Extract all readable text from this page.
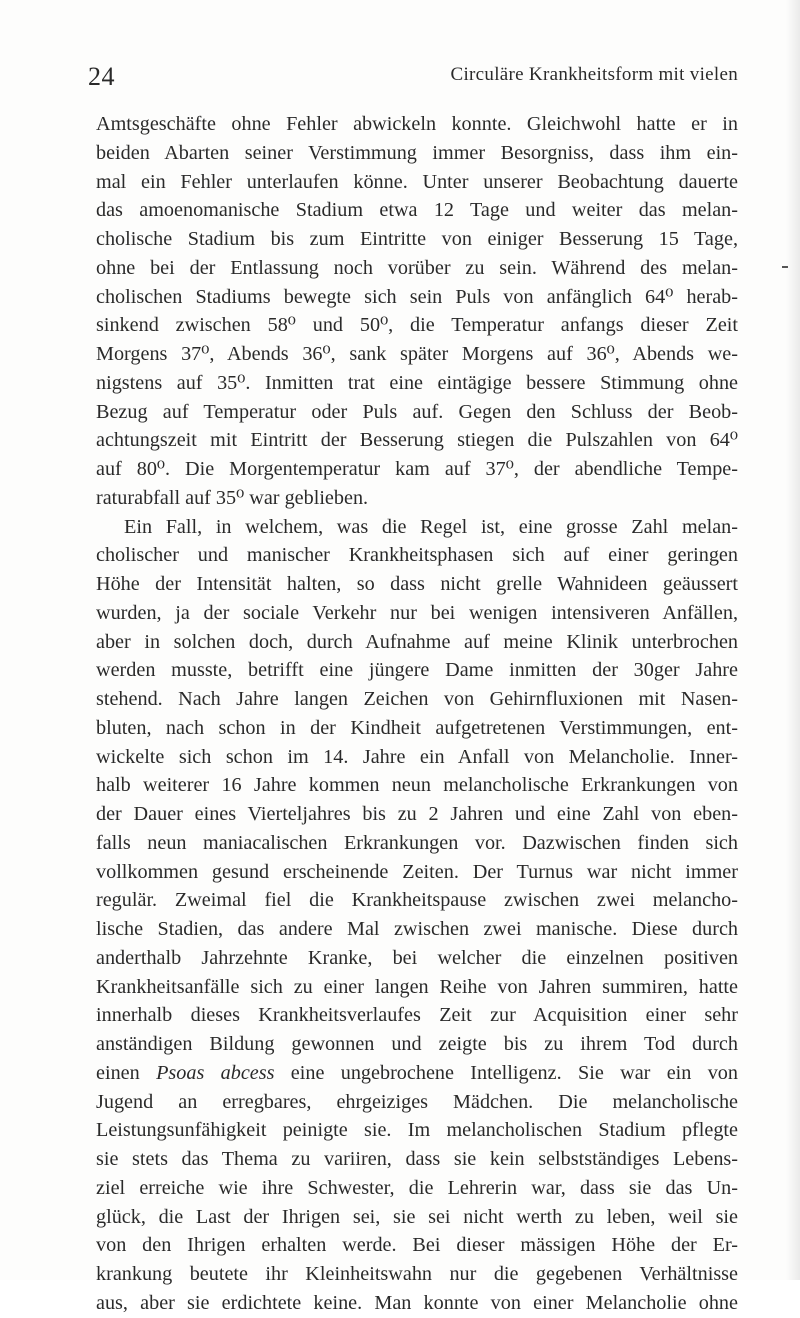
24	Circuläre Krankheitsform mit vielen
Amtsgeschäfte ohne Fehler abwickeln konnte. Gleichwohl hatte er in
beiden Abarten seiner Verstimmung immer Besorgniss, dass ihm ein-
mal ein Fehler unterlaufen könne. Unter unserer Beobachtung dauerte
das amoenomanische Stadium etwa 12 Tage und weiter das melan-
cholische Stadium bis zum Eintritte von einiger Besserung 15 Tage,
ohne bei der Entlassung noch vorüber zu sein. Während des melan-
cholischen Stadiums bewegte sich sein Puls von anfänglich 64⁰ herab-
sinkend zwischen 58⁰ und 50⁰, die Temperatur anfangs dieser Zeit
Morgens 37⁰, Abends 36⁰, sank später Morgens auf 36⁰, Abends we-
nigstens auf 35⁰. Inmitten trat eine eintägige bessere Stimmung ohne
Bezug auf Temperatur oder Puls auf. Gegen den Schluss der Beob-
achtungszeit mit Eintritt der Besserung stiegen die Pulszahlen von 64⁰
auf 80⁰. Die Morgentemperatur kam auf 37⁰, der abendliche Tempe-
raturabfall auf 35⁰ war geblieben.
Ein Fall, in welchem, was die Regel ist, eine grosse Zahl melan-
cholischer und manischer Krankheitsphasen sich auf einer geringen
Höhe der Intensität halten, so dass nicht grelle Wahnideen geäussert
wurden, ja der sociale Verkehr nur bei wenigen intensiveren Anfällen,
aber in solchen doch, durch Aufnahme auf meine Klinik unterbrochen
werden musste, betrifft eine jüngere Dame inmitten der 30ger Jahre
stehend. Nach Jahre langen Zeichen von Gehirnfluxionen mit Nasen-
bluten, nach schon in der Kindheit aufgetretenen Verstimmungen, ent-
wickelte sich schon im 14. Jahre ein Anfall von Melancholie. Inner-
halb weiterer 16 Jahre kommen neun melancholische Erkrankungen von
der Dauer eines Vierteljahres bis zu 2 Jahren und eine Zahl von eben-
falls neun maniacalischen Erkrankungen vor. Dazwischen finden sich
vollkommen gesund erscheinende Zeiten. Der Turnus war nicht immer
regulär. Zweimal fiel die Krankheitspause zwischen zwei melancho-
lische Stadien, das andere Mal zwischen zwei manische. Diese durch
anderthalb Jahrzehnte Kranke, bei welcher die einzelnen positiven
Krankheitsanfälle sich zu einer langen Reihe von Jahren summiren, hatte
innerhalb dieses Krankheitsverlaufes Zeit zur Acquisition einer sehr
anständigen Bildung gewonnen und zeigte bis zu ihrem Tod durch
einen Psoas abcess eine ungebrochene Intelligenz. Sie war ein von
Jugend an erregbares, ehrgeiziges Mädchen. Die melancholische
Leistungsunfähigkeit peinigte sie. Im melancholischen Stadium pflegte
sie stets das Thema zu variiren, dass sie kein selbstständiges Lebens-
ziel erreiche wie ihre Schwester, die Lehrerin war, dass sie das Un-
glück, die Last der Ihrigen sei, sie sei nicht werth zu leben, weil sie
von den Ihrigen erhalten werde. Bei dieser mässigen Höhe der Er-
krankung beutete ihr Kleinheitswahn nur die gegebenen Verhältnisse
aus, aber sie erdichtete keine. Man konnte von einer Melancholie ohne
